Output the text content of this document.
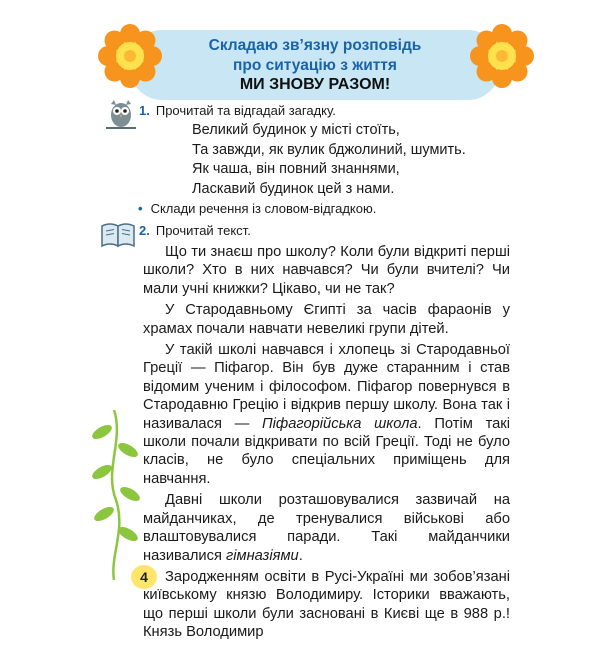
Складаю зв’язну розповідь
про ситуацію з життя
МИ ЗНОВУ РАЗОМ!
1. Прочитай та відгадай загадку.
Великий будинок у місті стоїть,
Та завжди, як вулик бджолиний, шумить.
Як чаша, він повний знаннями,
Ласкавий будинок цей з нами.
• Склади речення із словом-відгадкою.
2. Прочитай текст.

Що ти знаєш про школу? Коли були відкриті перші школи? Хто в них навчався? Чи були вчителі? Чи мали учні книжки? Цікаво, чи не так?

У Стародавньому Єгипті за часів фараонів у храмах почали навчати невеликі групи дітей.

У такій школі навчався і хлопець зі Стародавньої Греції — Піфагор. Він був дуже старанним і став відомим ученим і філософом. Піфагор повернувся в Стародавню Грецію і відкрив першу школу. Вона так і називалася — Піфагорійська школа. Потім такі школи почали відкривати по всій Греції. Тоді не було класів, не було спеціальних приміщень для навчання.

Давні школи розташовувалися зазвичай на майданчиках, де тренувалися військові або влаштовувалися паради. Такі майданчики називалися гімназіями.

Зародженням освіти в Русі-Україні ми зобов’язані київському князю Володимиру. Історики вважають, що перші школи були засновані в Києві ще в 988 р.! Князь Володимир

4
